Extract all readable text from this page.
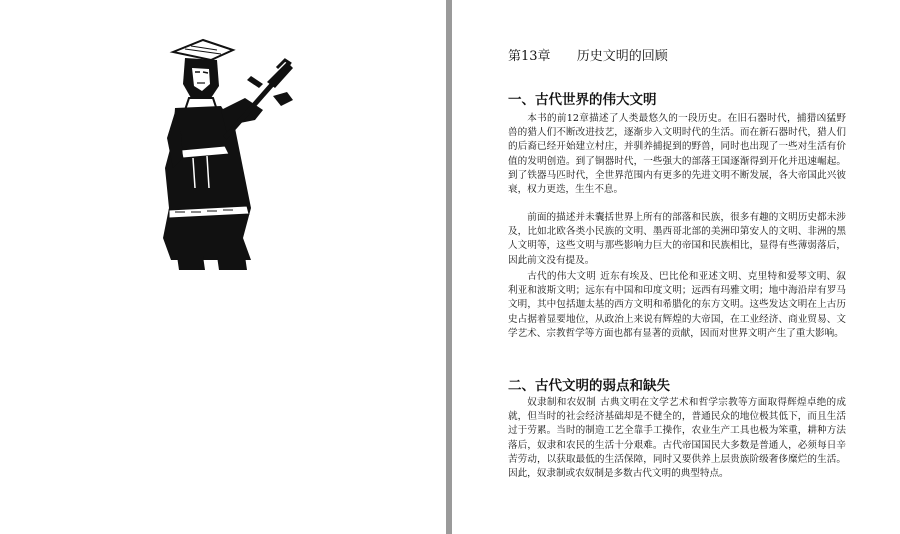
第13章 历史文明的回顾
一、古代世界的伟大文明

本书的前12章描述了人类最悠久的一段历史。在旧石器时代，捕猎凶猛野兽的猎人们不断改进技艺，逐渐步入文明时代的生活。而在新石器时代，猎人们的后裔已经开始建立村庄，并驯养捕捉到的野兽，同时也出现了一些对生活有价值的发明创造。到了铜器时代，一些强大的部落王国逐渐得到开化并迅速崛起。到了铁器马匹时代，全世界范围内有更多的先进文明不断发展，各大帝国此兴彼衰，权力更迭，生生不息。

前面的描述并未囊括世界上所有的部落和民族，很多有趣的文明历史都未涉及，比如北欧各类小民族的文明、墨西哥北部的美洲印第安人的文明、非洲的黑人文明等，这些文明与那些影响力巨大的帝国和民族相比，显得有些薄弱落后，因此前文没有提及。

古代的伟大文明 近东有埃及、巴比伦和亚述文明、克里特和爱琴文明、叙利亚和波斯文明；远东有中国和印度文明；远西有玛雅文明；地中海沿岸有罗马文明，其中包括迦太基的西方文明和希腊化的东方文明。这些发达文明在上古历史占据着显要地位，从政治上来说有辉煌的大帝国，在工业经济、商业贸易、文学艺术、宗教哲学等方面也都有显著的贡献，因而对世界文明产生了重大影响。

二、古代文明的弱点和缺失

奴隶制和农奴制 古典文明在文学艺术和哲学宗教等方面取得辉煌卓绝的成就，但当时的社会经济基础却是不健全的，普通民众的地位极其低下，而且生活过于劳累。当时的制造工艺全靠手工操作，农业生产工具也极为笨重，耕种方法落后，奴隶和农民的生活十分艰难。古代帝国国民大多数是普通人，必须每日辛苦劳动，以获取最低的生活保障，同时又要供养上层贵族阶级奢侈糜烂的生活。因此，奴隶制或农奴制是多数古代文明的典型特点。
